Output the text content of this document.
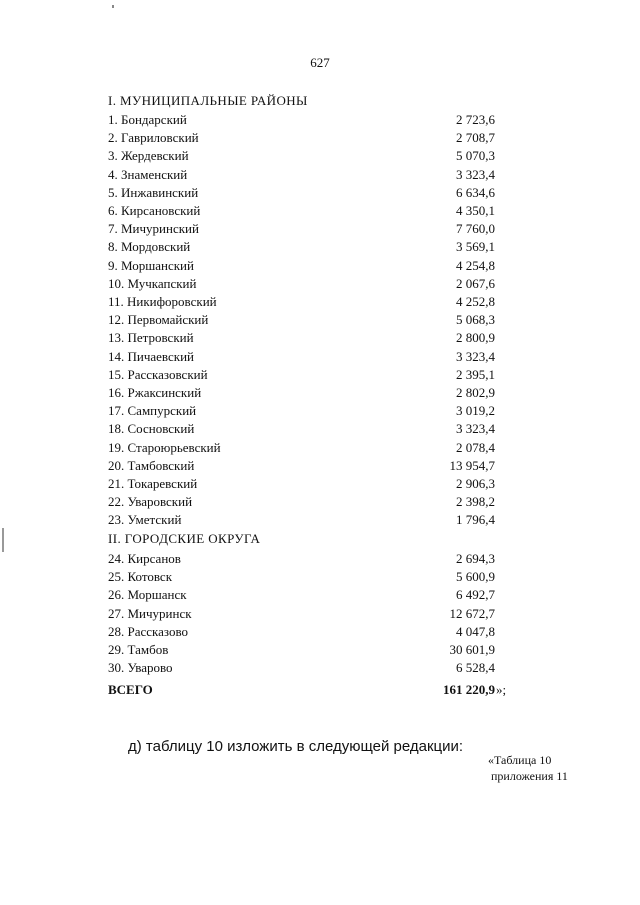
627
I. МУНИЦИПАЛЬНЫЕ РАЙОНЫ
1. Бондарский	2 723,6
2. Гавриловский	2 708,7
3. Жердевский	5 070,3
4. Знаменский	3 323,4
5. Инжавинский	6 634,6
6. Кирсановский	4 350,1
7. Мичуринский	7 760,0
8. Мордовский	3 569,1
9. Моршанский	4 254,8
10. Мучкапский	2 067,6
11. Никифоровский	4 252,8
12. Первомайский	5 068,3
13. Петровский	2 800,9
14. Пичаевский	3 323,4
15. Рассказовский	2 395,1
16. Ржаксинский	2 802,9
17. Сампурский	3 019,2
18. Сосновский	3 323,4
19. Староюрьевский	2 078,4
20. Тамбовский	13 954,7
21. Токаревский	2 906,3
22. Уваровский	2 398,2
23. Уметский	1 796,4
II. ГОРОДСКИЕ ОКРУГА
24. Кирсанов	2 694,3
25. Котовск	5 600,9
26. Моршанск	6 492,7
27. Мичуринск	12 672,7
28. Рассказово	4 047,8
29. Тамбов	30 601,9
30. Уварово	6 528,4
ВСЕГО	161 220,9 »;
д) таблицу 10 изложить в следующей редакции:
«Таблица 10
приложения 11
